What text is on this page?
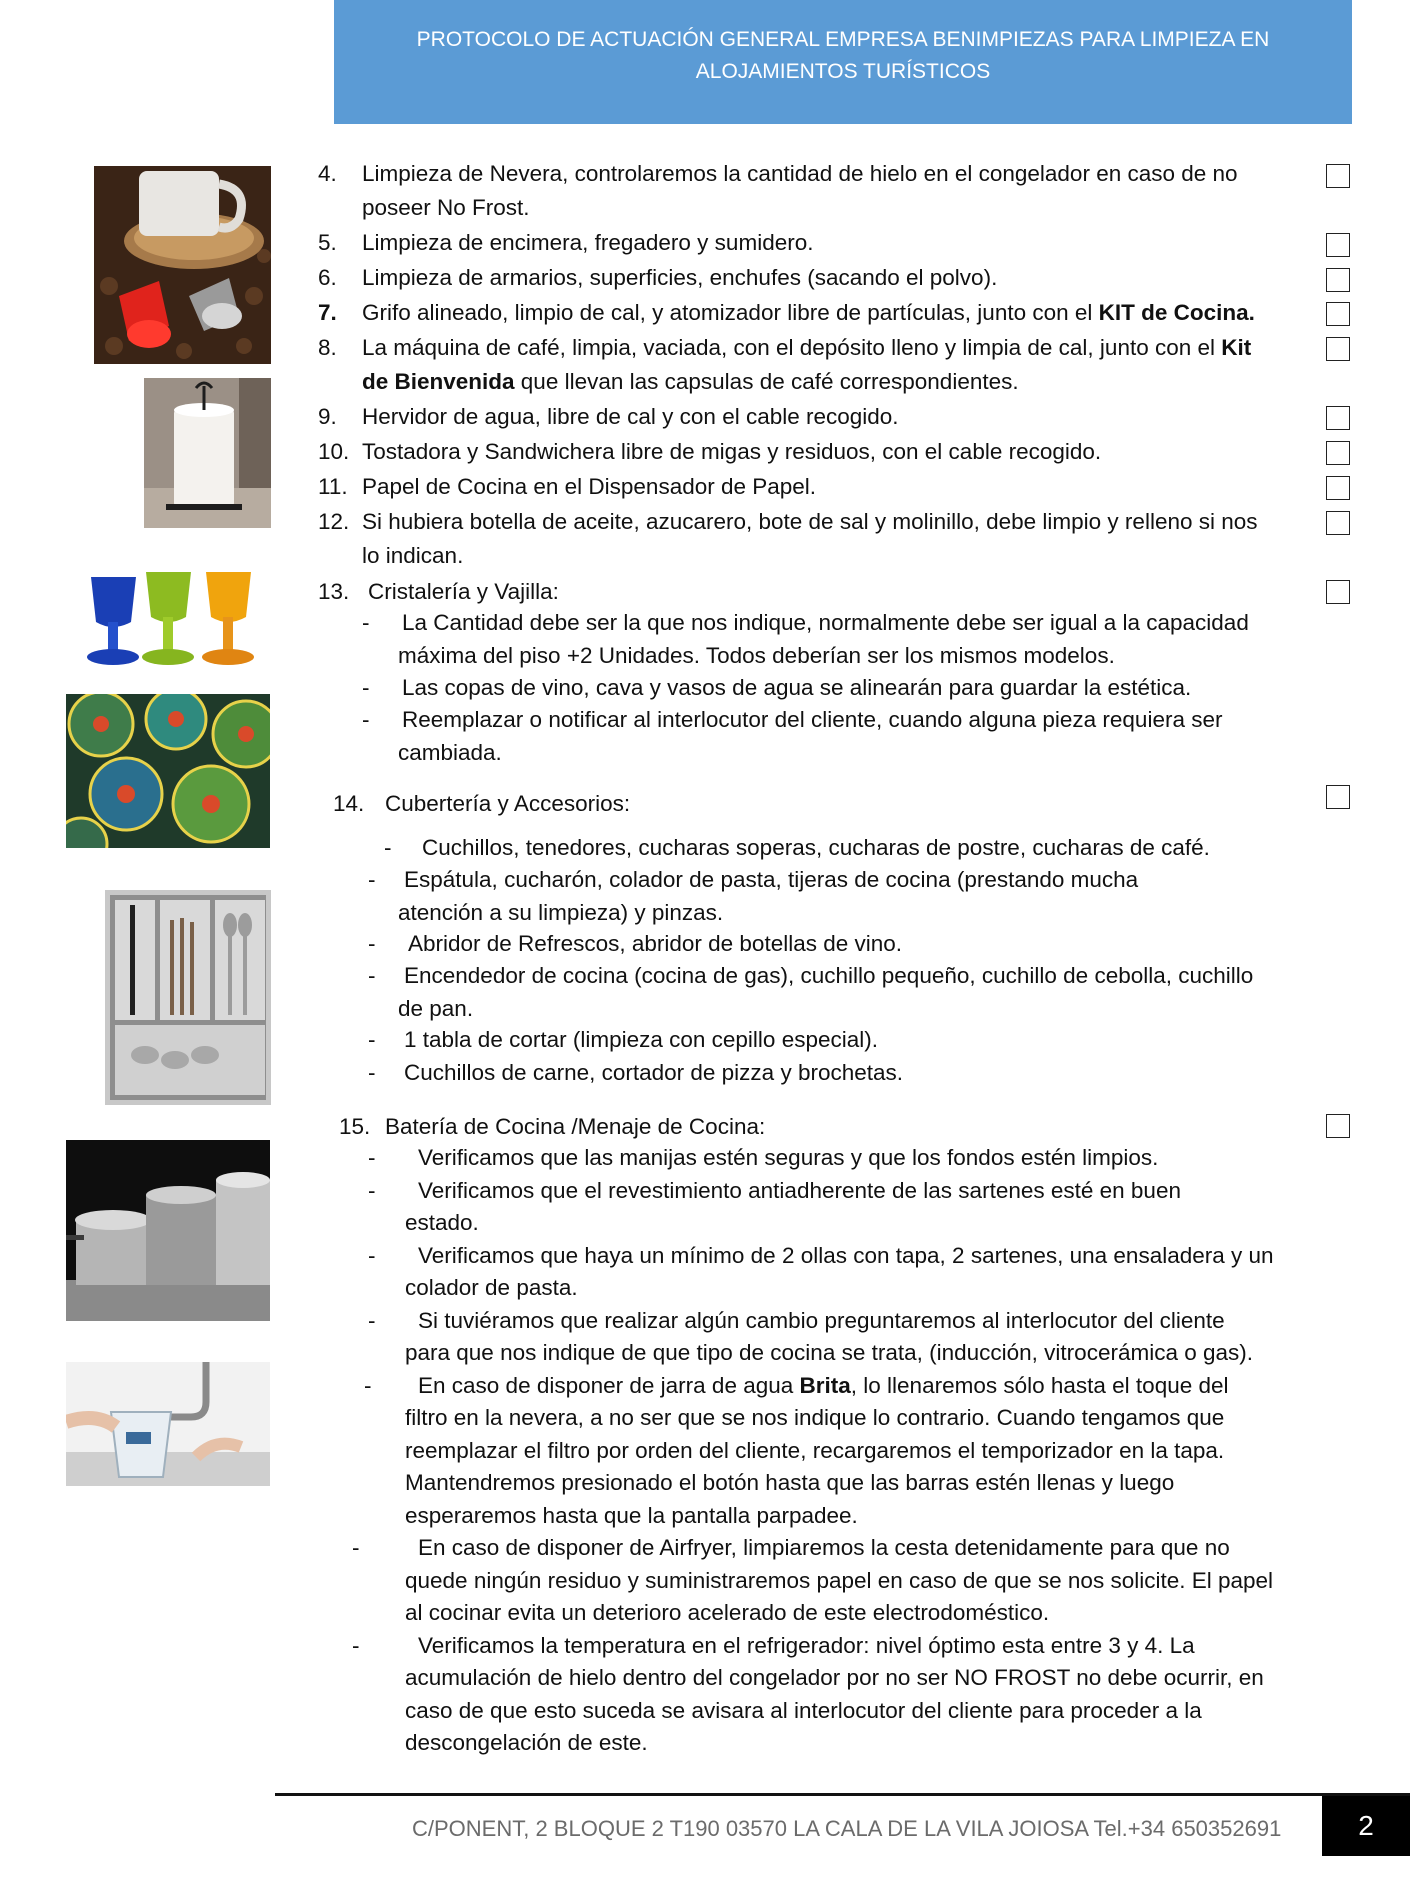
PROTOCOLO DE ACTUACIÓN GENERAL EMPRESA BENIMPIEZAS PARA LIMPIEZA EN
ALOJAMIENTOS TURÍSTICOS
4. Limpieza de Nevera, controlaremos la cantidad de hielo en el congelador en caso de no
poseer No Frost.
5. Limpieza de encimera, fregadero y sumidero.
6. Limpieza de armarios, superficies, enchufes (sacando el polvo).
7. Grifo alineado, limpio de cal, y atomizador libre de partículas, junto con el KIT de Cocina.
8. La máquina de café, limpia, vaciada, con el depósito lleno y limpia de cal, junto con el Kit
de Bienvenida que llevan las capsulas de café correspondientes.
9. Hervidor de agua, libre de cal y con el cable recogido.
10. Tostadora y Sandwichera libre de migas y residuos, con el cable recogido.
11. Papel de Cocina en el Dispensador de Papel.
12. Si hubiera botella de aceite, azucarero, bote de sal y molinillo, debe limpio y relleno si nos
lo indican.
13. Cristalería y Vajilla:
- La Cantidad debe ser la que nos indique, normalmente debe ser igual a la capacidad
máxima del piso +2 Unidades. Todos deberían ser los mismos modelos.
- Las copas de vino, cava y vasos de agua se alinearán para guardar la estética.
- Reemplazar o notificar al interlocutor del cliente, cuando alguna pieza requiera ser
cambiada.
14. Cubertería y Accesorios:
- Cuchillos, tenedores, cucharas soperas, cucharas de postre, cucharas de café.
- Espátula, cucharón, colador de pasta, tijeras de cocina (prestando mucha
atención a su limpieza) y pinzas.
- Abridor de Refrescos, abridor de botellas de vino.
- Encendedor de cocina (cocina de gas), cuchillo pequeño, cuchillo de cebolla, cuchillo
de pan.
- 1 tabla de cortar (limpieza con cepillo especial).
- Cuchillos de carne, cortador de pizza y brochetas.
15. Batería de Cocina /Menaje de Cocina:
- Verificamos que las manijas estén seguras y que los fondos estén limpios.
- Verificamos que el revestimiento antiadherente de las sartenes esté en buen
estado.
- Verificamos que haya un mínimo de 2 ollas con tapa, 2 sartenes, una ensaladera y un
colador de pasta.
- Si tuviéramos que realizar algún cambio preguntaremos al interlocutor del cliente
para que nos indique de que tipo de cocina se trata, (inducción, vitrocerámica o gas).
- En caso de disponer de jarra de agua Brita, lo llenaremos sólo hasta el toque del
filtro en la nevera, a no ser que se nos indique lo contrario. Cuando tengamos que
reemplazar el filtro por orden del cliente, recargaremos el temporizador en la tapa.
Mantendremos presionado el botón hasta que las barras estén llenas y luego
esperaremos hasta que la pantalla parpadee.
-	En caso de disponer de Airfryer, limpiaremos la cesta detenidamente para que no
quede ningún residuo y suministraremos papel en caso de que se nos solicite. El papel
al cocinar evita un deterioro acelerado de este electrodoméstico.
-	Verificamos la temperatura en el refrigerador: nivel óptimo esta entre 3 y 4. La
acumulación de hielo dentro del congelador por no ser NO FROST no debe ocurrir, en
caso de que esto suceda se avisara al interlocutor del cliente para proceder a la
descongelación de este.
C/PONENT, 2 BLOQUE 2 T190 03570 LA CALA DE LA VILA JOIOSA Tel.+34 650352691	2
